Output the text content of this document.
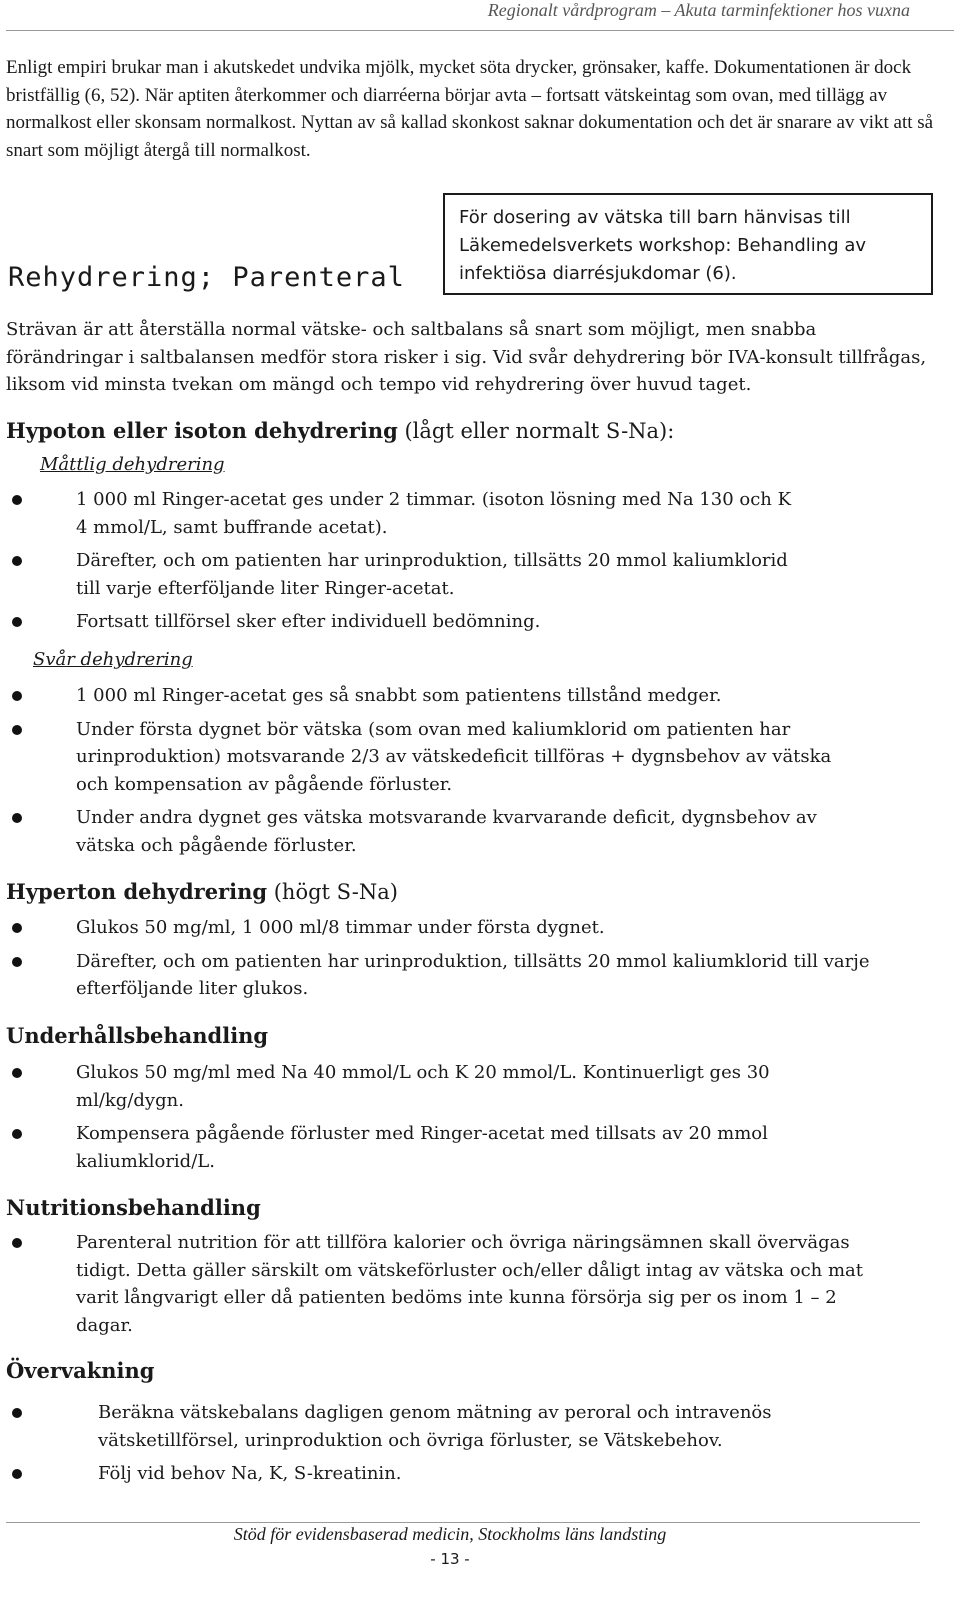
Regionalt vårdprogram – Akuta tarminfektioner hos vuxna

Enligt empiri brukar man i akutskedet undvika mjölk, mycket söta drycker, grönsaker, kaffe. Dokumentationen är dock bristfällig (6, 52). När aptiten återkommer och diarréerna börjar avta – fortsatt vätskeintag som ovan, med tillägg av normalkost eller skonsam normalkost. Nyttan av så kallad skonkost saknar dokumentation och det är snarare av vikt att så snart som möjligt återgå till normalkost.

För dosering av vätska till barn hänvisas till Läkemedelsverkets workshop: Behandling av infektiösa diarrésjukdomar (6).
Rehydrering; Parenteral

Strävan är att återställa normal vätske- och saltbalans så snart som möjligt, men snabba förändringar i saltbalansen medför stora risker i sig. Vid svår dehydrering bör IVA-konsult tillfrågas, liksom vid minsta tvekan om mängd och tempo vid rehydrering över huvud taget.

Hypoton eller isoton dehydrering (lågt eller normalt S-Na):
Måttlig dehydrering
1 000 ml Ringer-acetat ges under 2 timmar. (isoton lösning med Na 130 och K 4 mmol/L, samt buffrande acetat).
Därefter, och om patienten har urinproduktion, tillsätts 20 mmol kaliumklorid till varje efterföljande liter Ringer-acetat.
Fortsatt tillförsel sker efter individuell bedömning.
Svår dehydrering
1 000 ml Ringer-acetat ges så snabbt som patientens tillstånd medger.
Under första dygnet bör vätska (som ovan med kaliumklorid om patienten har urinproduktion) motsvarande 2/3 av vätskedeficit tillföras + dygnsbehov av vätska och kompensation av pågående förluster.
Under andra dygnet ges vätska motsvarande kvarvarande deficit, dygnsbehov av vätska och pågående förluster.
Hyperton dehydrering (högt S-Na)
Glukos 50 mg/ml, 1 000 ml/8 timmar under första dygnet.
Därefter, och om patienten har urinproduktion, tillsätts 20 mmol kaliumklorid till varje efterföljande liter glukos.
Underhållsbehandling
Glukos 50 mg/ml med Na 40 mmol/L och K 20 mmol/L. Kontinuerligt ges 30 ml/kg/dygn.
Kompensera pågående förluster med Ringer-acetat med tillsats av 20 mmol kaliumklorid/L.
Nutritionsbehandling
Parenteral nutrition för att tillföra kalorier och övriga näringsämnen skall övervägas tidigt. Detta gäller särskilt om vätskeförluster och/eller dåligt intag av vätska och mat varit långvarigt eller då patienten bedöms inte kunna försörja sig per os inom 1 – 2 dagar.
Övervakning
Beräkna vätskebalans dagligen genom mätning av peroral och intravenös vätsketillförsel, urinproduktion och övriga förluster, se Vätskebehov.
Följ vid behov Na, K, S-kreatinin.
Stöd för evidensbaserad medicin, Stockholms läns landsting
- 13 -
